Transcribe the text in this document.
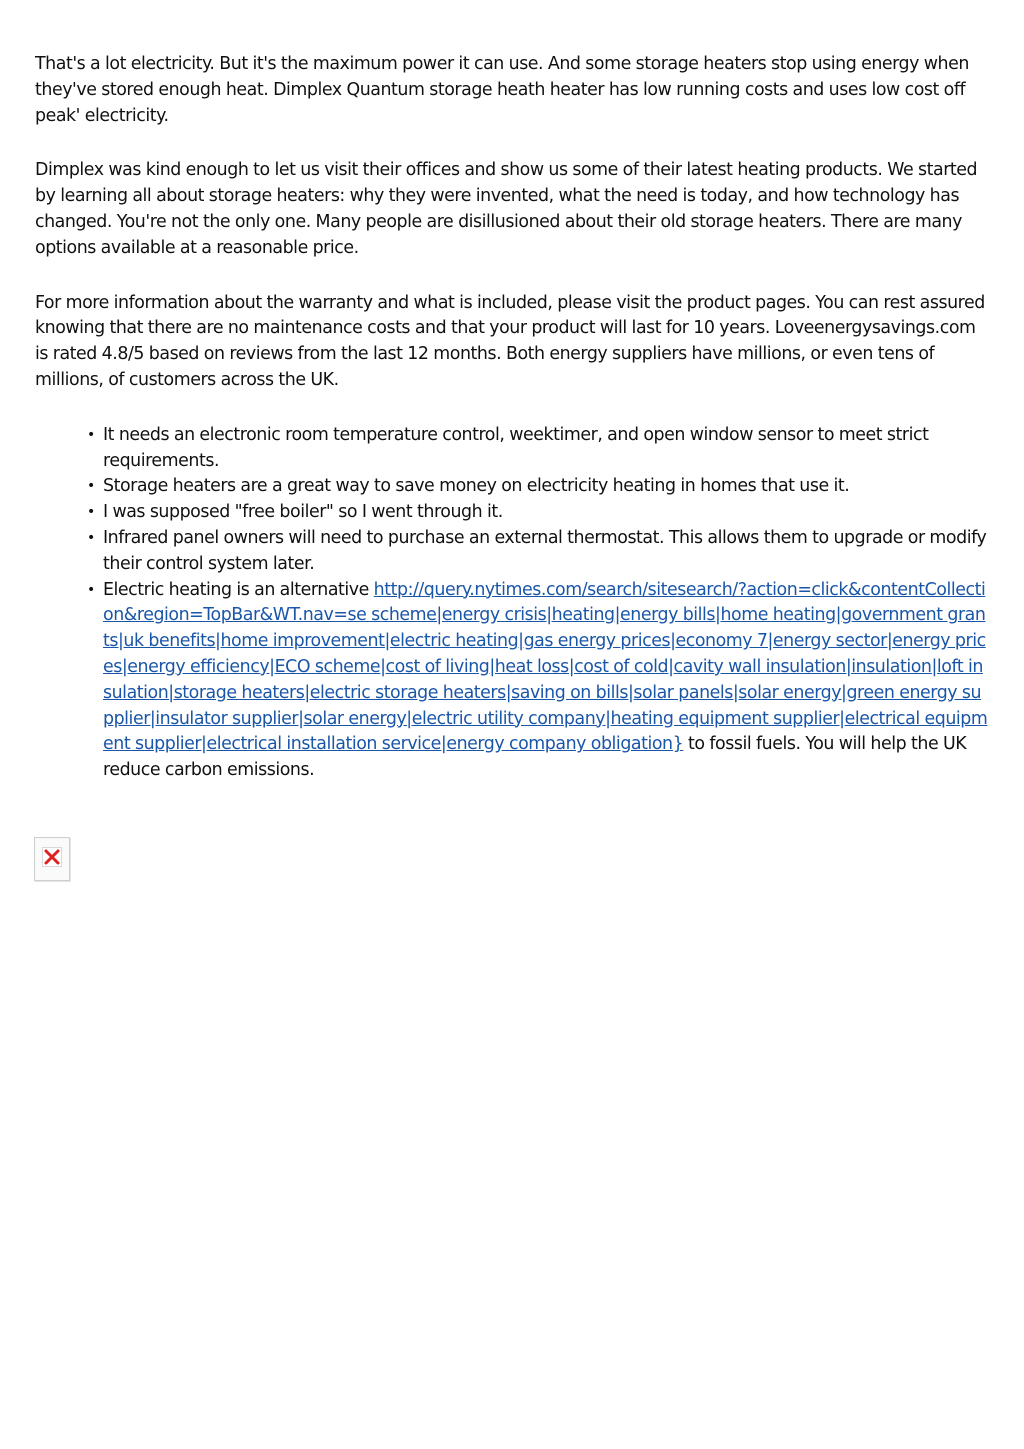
That's a lot electricity. But it's the maximum power it can use. And some storage heaters stop using energy when they've stored enough heat. Dimplex Quantum storage heath heater has low running costs and uses low cost off peak' electricity.

Dimplex was kind enough to let us visit their offices and show us some of their latest heating products. We started by learning all about storage heaters: why they were invented, what the need is today, and how technology has changed. You're not the only one. Many people are disillusioned about their old storage heaters. There are many options available at a reasonable price.

For more information about the warranty and what is included, please visit the product pages. You can rest assured knowing that there are no maintenance costs and that your product will last for 10 years. Loveenergysavings.com is rated 4.8/5 based on reviews from the last 12 months. Both energy suppliers have millions, or even tens of millions, of customers across the UK.

• It needs an electronic room temperature control, weektimer, and open window sensor to meet strict requirements.
• Storage heaters are a great way to save money on electricity heating in homes that use it.
• I was supposed "free boiler" so I went through it.
• Infrared panel owners will need to purchase an external thermostat. This allows them to upgrade or modify their control system later.
• Electric heating is an alternative http://query.nytimes.com/search/sitesearch/?action=click&contentCollection&region=TopBar&WT.nav=se scheme|energy crisis|heating|energy bills|home heating|government grants|uk benefits|home improvement|electric heating|gas energy prices|economy 7|energy sector|energy prices|energy efficiency|ECO scheme|cost of living|heat loss|cost of cold|cavity wall insulation|insulation|loft insulation|storage heaters|electric storage heaters|saving on bills|solar panels|solar energy|green energy supplier|insulator supplier|solar energy|electric utility company|heating equipment supplier|electrical equipment supplier|electrical installation service|energy company obligation} to fossil fuels. You will help the UK reduce carbon emissions.
